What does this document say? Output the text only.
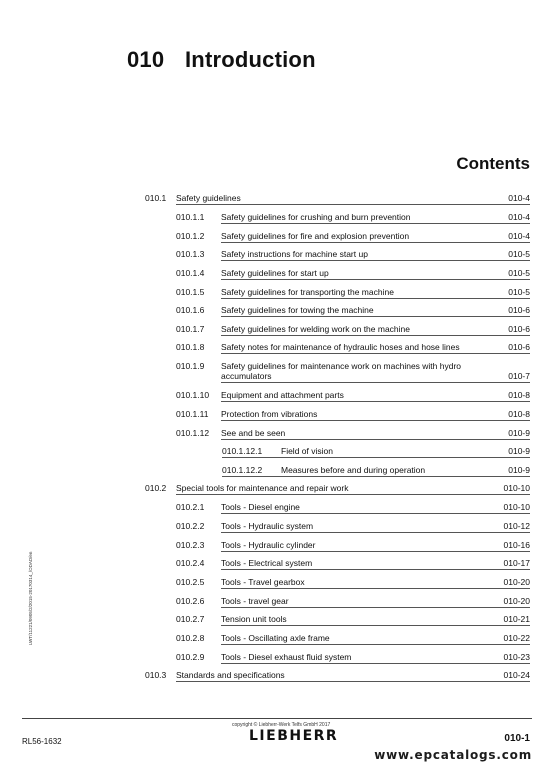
010 Introduction
Contents
010.1 Safety guidelines	010-4
010.1.1 Safety guidelines for crushing and burn prevention	010-4
010.1.2 Safety guidelines for fire and explosion prevention	010-4
010.1.3 Safety instructions for machine start up	010-5
010.1.4 Safety guidelines for start up	010-5
010.1.5 Safety guidelines for transporting the machine	010-5
010.1.6 Safety guidelines for towing the machine	010-6
010.1.7 Safety guidelines for welding work on the machine	010-6
010.1.8 Safety notes for maintenance of hydraulic hoses and hose lines	010-6
010.1.9 Safety guidelines for maintenance work on machines with hydro
accumulators	010-7
010.1.10 Equipment and attachment parts	010-8
010.1.11 Protection from vibrations	010-8
010.1.12 See and be seen	010-9
010.1.12.1 Field of vision	010-9
010.1.12.2 Measures before and during operation	010-9
010.2 Special tools for maintenance and repair work	010-10
010.2.1 Tools - Diesel engine	010-10
010.2.2 Tools - Hydraulic system	010-12
010.2.3 Tools - Hydraulic cylinder	010-16
010.2.4 Tools - Electrical system	010-17
010.2.5 Tools - Travel gearbox	010-20
010.2.6 Tools - travel gear	010-20
010.2.7 Tension unit tools	010-21
010.2.8 Tools - Oscillating axle frame	010-22
010.2.9 Tools - Diesel exhaust fluid system	010-23
010.3 Standards and specifications	010-24
LWT/11221/0905/2/2015-20170314_/ODAD/en
copyright © Liebherr-Werk Telfs GmbH 2017
RL56-1632	LIEBHERR	010-1
www.epcatalogs.com
